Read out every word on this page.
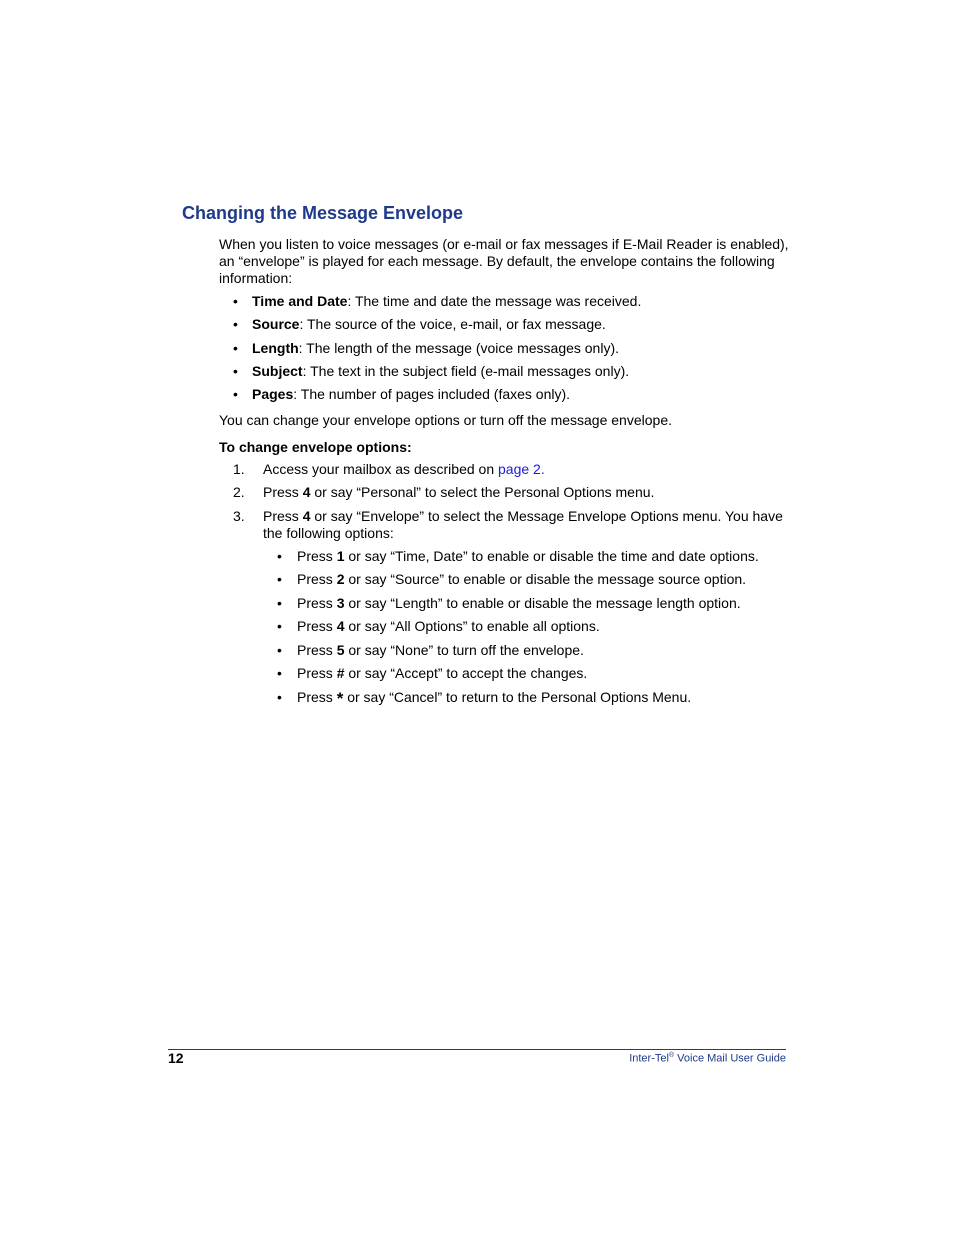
Changing the Message Envelope

When you listen to voice messages (or e-mail or fax messages if E-Mail Reader is enabled), an “envelope” is played for each message. By default, the envelope contains the following information:

• Time and Date: The time and date the message was received.
• Source: The source of the voice, e-mail, or fax message.
• Length: The length of the message (voice messages only).
• Subject: The text in the subject field (e-mail messages only).
• Pages: The number of pages included (faxes only).

You can change your envelope options or turn off the message envelope.

To change envelope options:

1. Access your mailbox as described on page 2.
2. Press 4 or say “Personal” to select the Personal Options menu.
3. Press 4 or say “Envelope” to select the Message Envelope Options menu. You have the following options:
• Press 1 or say “Time, Date” to enable or disable the time and date options.
• Press 2 or say “Source” to enable or disable the message source option.
• Press 3 or say “Length” to enable or disable the message length option.
• Press 4 or say “All Options” to enable all options.
• Press 5 or say “None” to turn off the envelope.
• Press # or say “Accept” to accept the changes.
• Press * or say “Cancel” to return to the Personal Options Menu.
12	Inter-Tel® Voice Mail User Guide
